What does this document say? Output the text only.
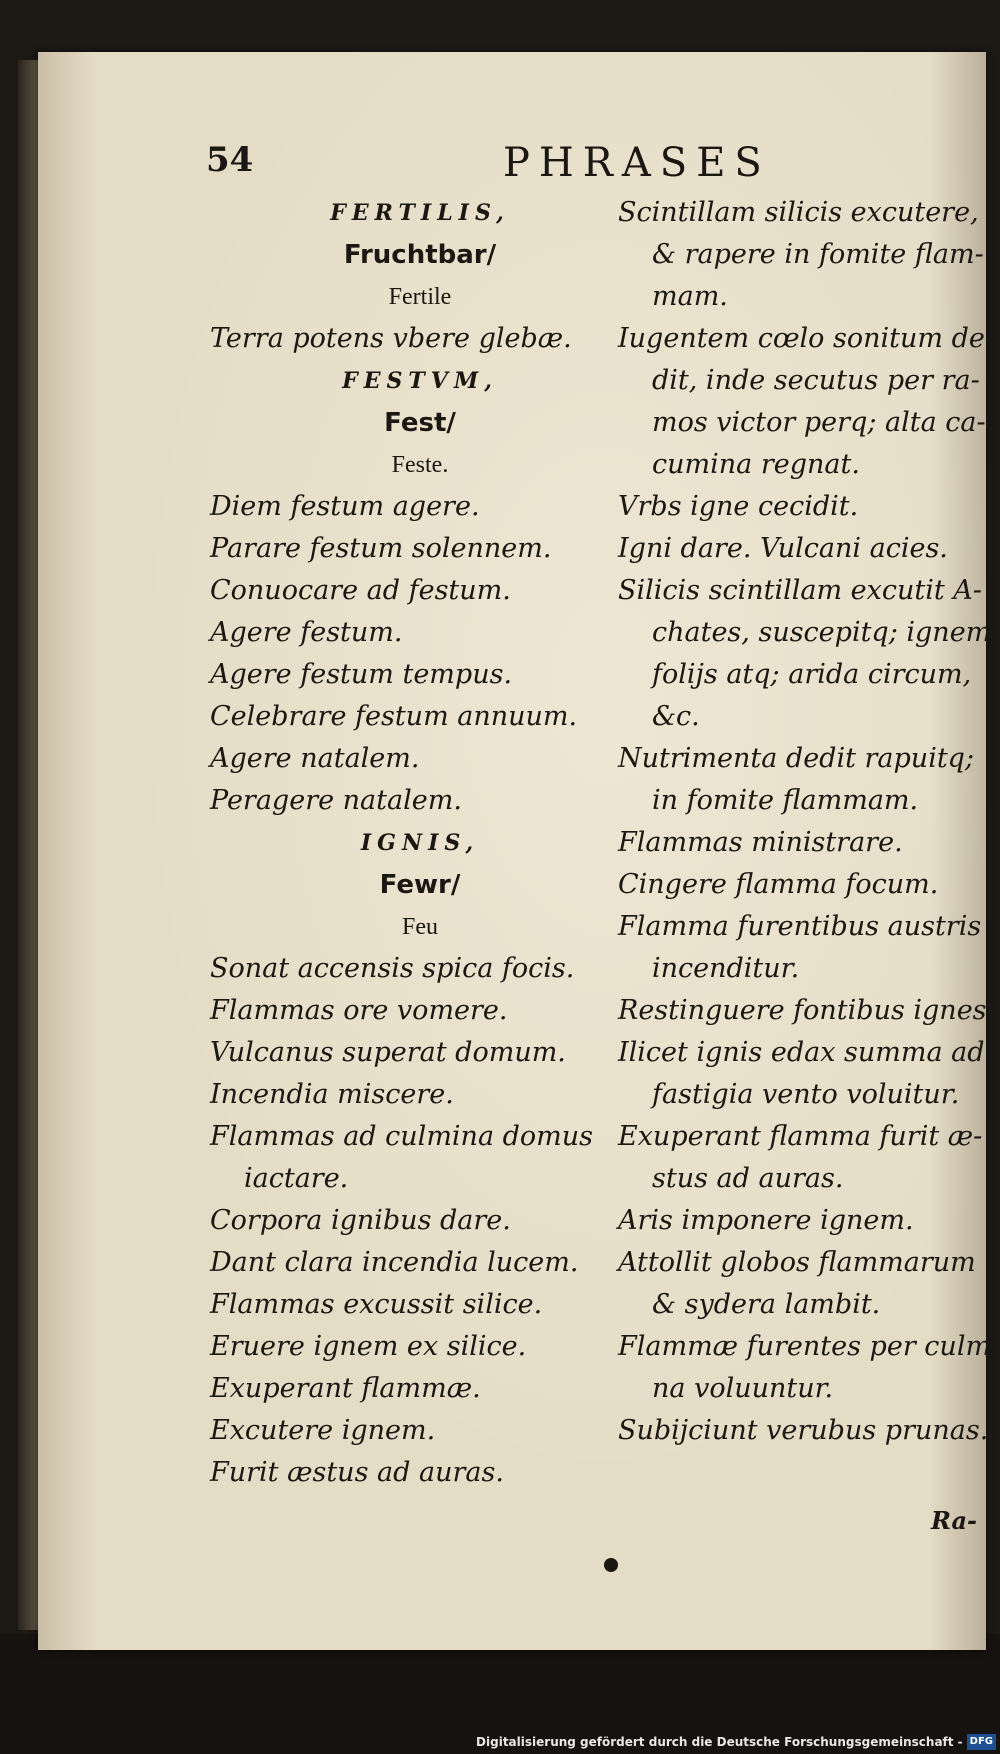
54	PHRASES
FERTILIS,
Fruchtbar/
Fertile
Terra potens vbere glebæ.
FESTVM,
Fest/
Feste.
Diem festum agere.
Parare festum solennem.
Conuocare ad festum.
Agere festum.
Agere festum tempus.
Celebrare festum annuum.
Agere natalem.
Peragere natalem.
IGNIS,
Fewr/
Feu
Sonat accensis spica focis.
Flammas ore vomere.
Vulcanus superat domum.
Incendia miscere.
Flammas ad culmina domus
iactare.
Corpora ignibus dare.
Dant clara incendia lucem.
Flammas excussit silice.
Eruere ignem ex silice.
Exuperant flammæ.
Excutere ignem.
Furit æstus ad auras.
Scintillam silicis excutere,
& rapere in fomite flam-
mam.
Iugentem cœlo sonitum de-
dit, inde secutus per ra-
mos victor perq; alta ca-
cumina regnat.
Vrbs igne cecidit.
Igni dare. Vulcani acies.
Silicis scintillam excutit A-
chates, suscepitq; ignem
folijs atq; arida circum,
&c.
Nutrimenta dedit rapuitq;
in fomite flammam.
Flammas ministrare.
Cingere flamma focum.
Flamma furentibus austris
incenditur.
Restinguere fontibus ignes.
Ilicet ignis edax summa ad
fastigia vento voluitur.
Exuperant flamma furit æ-
stus ad auras.
Aris imponere ignem.
Attollit globos flammarum
& sydera lambit.
Flammæ furentes per culmi
na voluuntur.
Subijciunt verubus prunas.
Ra-
Digitalisierung gefördert durch die Deutsche Forschungsgemeinschaft - DFG
